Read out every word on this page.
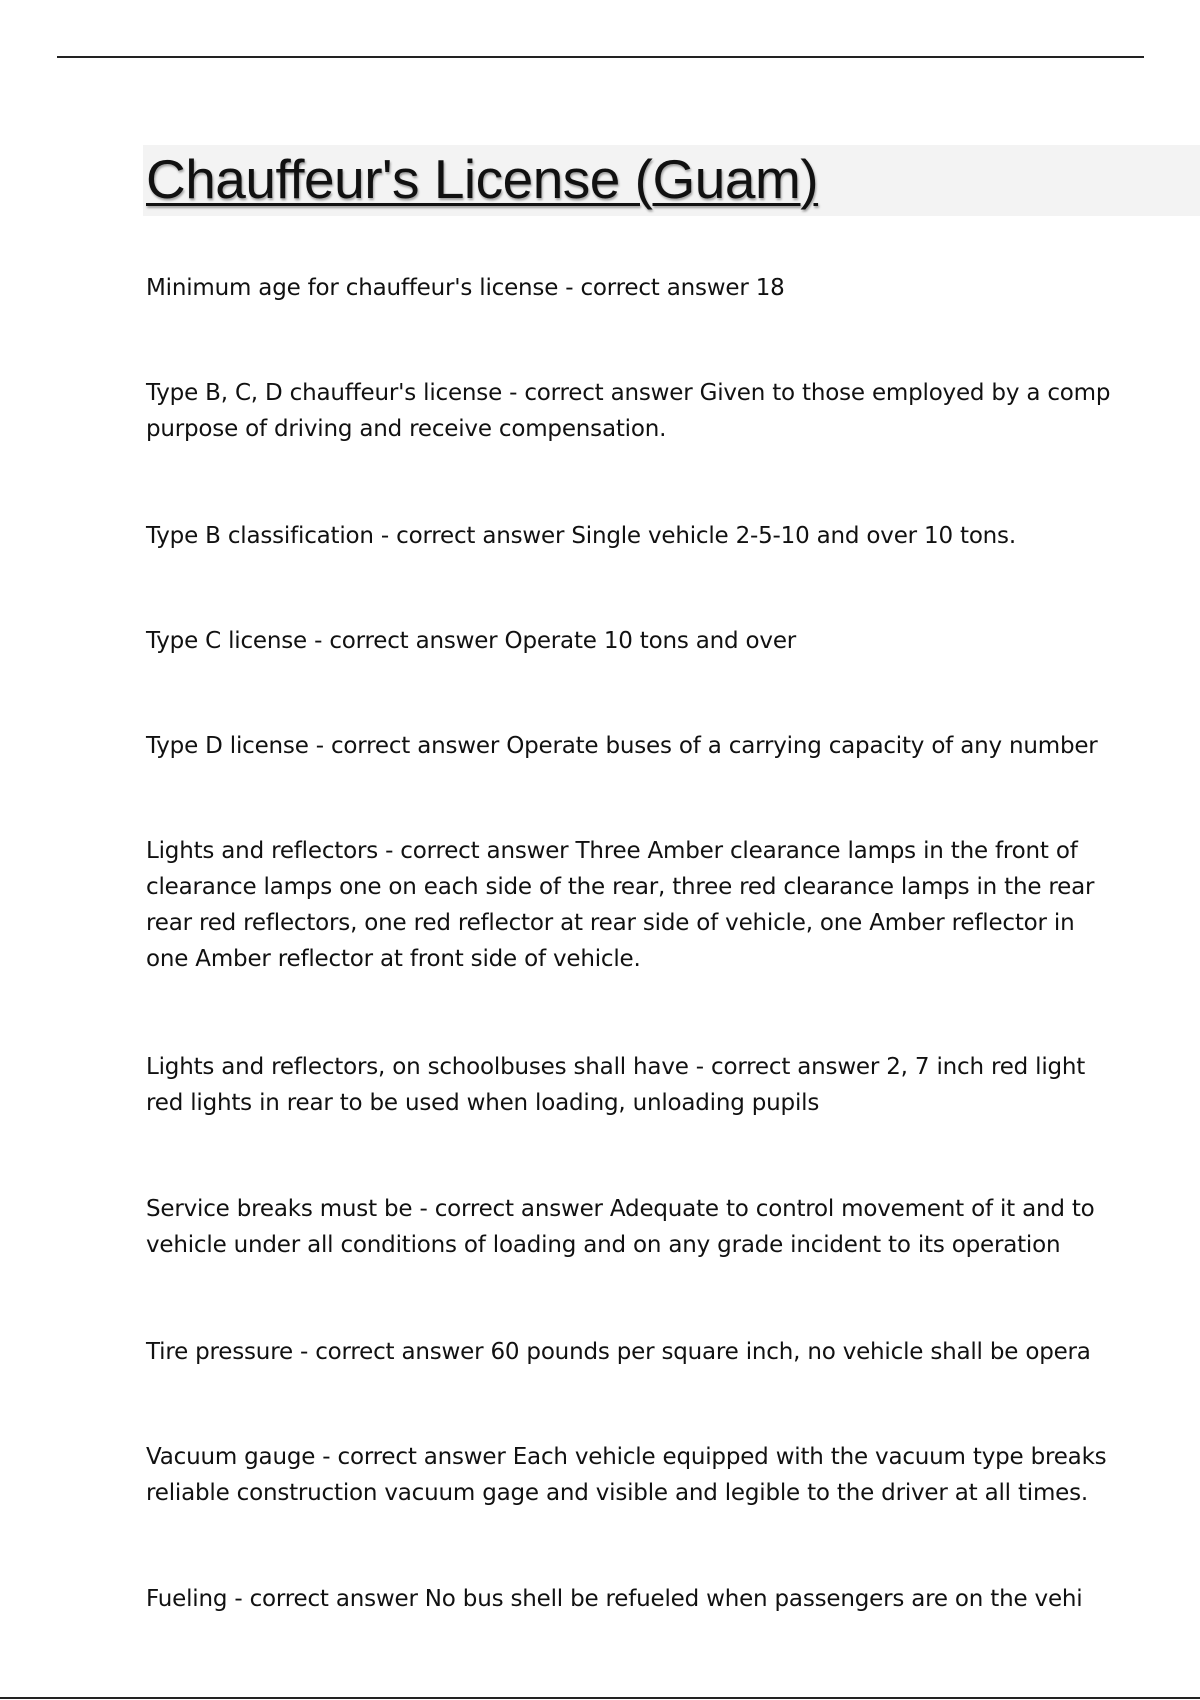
Chauffeur's License (Guam)
Minimum age for chauffeur's license - correct answer 18
Type B, C, D chauffeur's license - correct answer Given to those employed by a comp
purpose of driving and receive compensation.
Type B classification - correct answer Single vehicle 2-5-10 and over 10 tons.
Type C license - correct answer Operate 10 tons and over
Type D license - correct answer Operate buses of a carrying capacity of any number
Lights and reflectors - correct answer Three Amber clearance lamps in the front of
clearance lamps one on each side of the rear, three red clearance lamps in the rear
rear red reflectors, one red reflector at rear side of vehicle, one Amber reflector in
one Amber reflector at front side of vehicle.
Lights and reflectors, on schoolbuses shall have - correct answer 2, 7 inch red light
red lights in rear to be used when loading, unloading pupils
Service breaks must be - correct answer Adequate to control movement of it and to
vehicle under all conditions of loading and on any grade incident to its operation
Tire pressure - correct answer 60 pounds per square inch, no vehicle shall be opera
Vacuum gauge - correct answer Each vehicle equipped with the vacuum type breaks
reliable construction vacuum gage and visible and legible to the driver at all times.
Fueling - correct answer No bus shell be refueled when passengers are on the vehi
